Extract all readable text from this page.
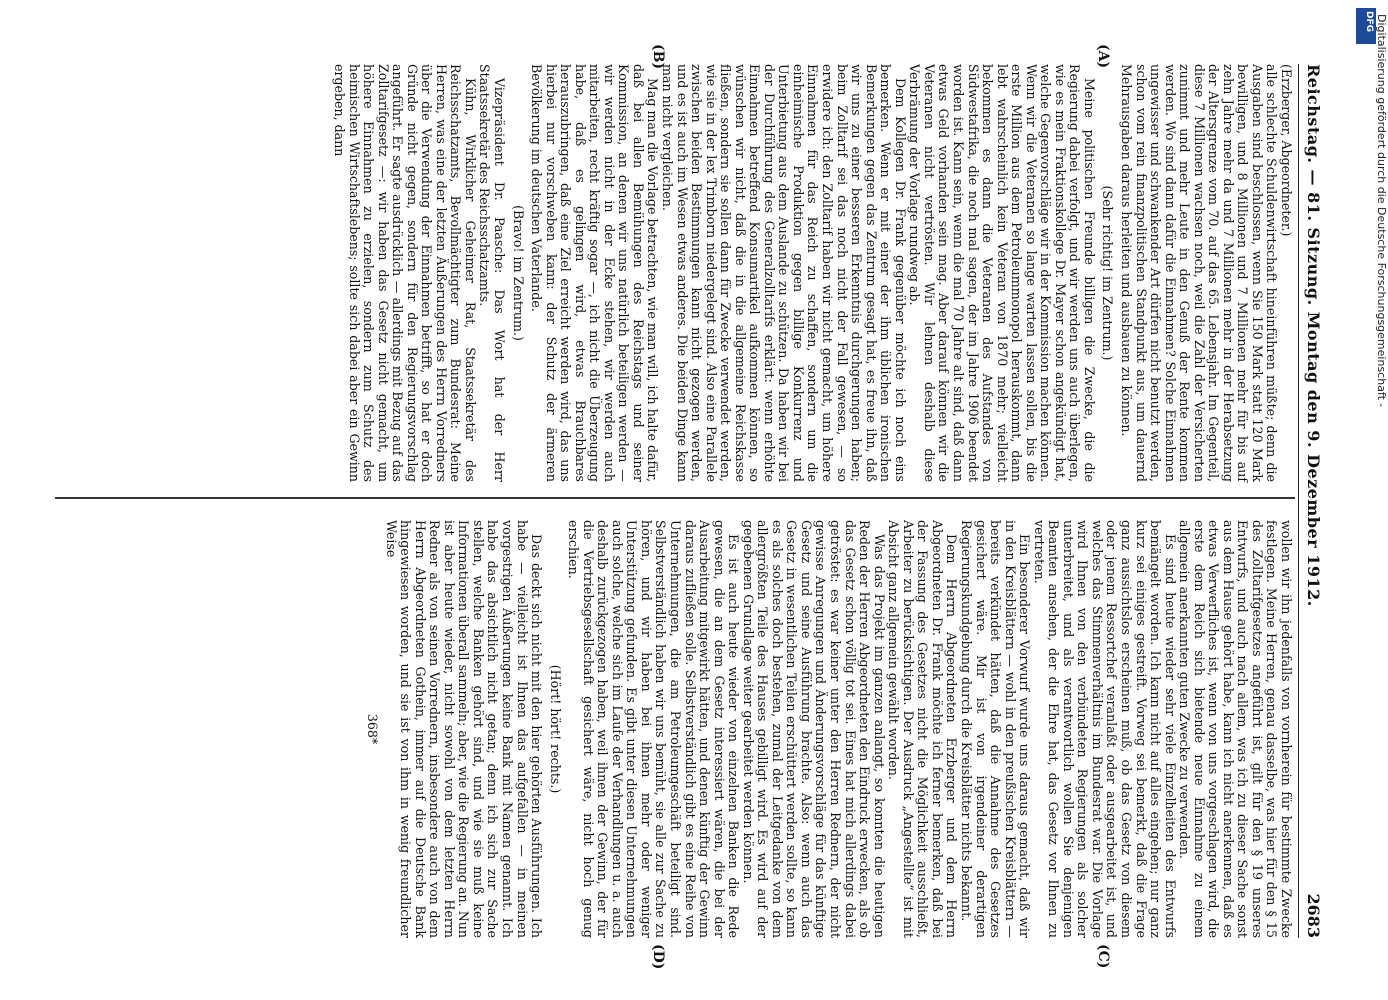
Reichstag. — 81. Sitzung. Montag den 9. Dezember 1912.
2683
(A)
(B)
(C)
(D)

(Erzberger, Abgeordneter.)

alle schlechte Schuldenwirtschaft hineinführen müßte; denn die Ausgaben sind beschlossen, wenn Sie 150 Mark statt 120 Mark bewilligen, und 8 Millionen und 7 Millionen mehr für bis auf zehn Jahre mehr da und 7 Millionen mehr in der Herabsetzung der Altersgrenze vom 70. auf das 65. Lebensjahr. Im Gegenteil, diese 7 Millionen wachsen noch, weil die Zahl der Versicherten zunimmt und mehr Leute in den Genuß der Rente kommen werden. Wo sind dann dafür die Einnahmen? Solche Einnahmen ungewisser und schwankender Art dürfen nicht benutzt werden, schon vom rein finanzpolitischen Standpunkt aus, um dauernd Mehrausgaben daraus herleiten und ausbauen zu können.

(Sehr richtig! im Zentrum.)

Meine politischen Freunde billigen die Zwecke, die die Regierung dabei verfolgt, und wir werden uns auch überlegen, wie es mein Fraktionskollege Dr. Mayer schon angekündigt hat, welche Gegenvorschläge wir in der Kommission machen können. Wenn wir die Veteranen so lange warten lassen sollen, bis die erste Million aus dem Petroleummonopol herauskommt, dann lebt wahrscheinlich kein Veteran von 1870 mehr; vielleicht bekommen es dann die Veteranen des Aufstandes von Südwestafrika, die noch mal sagen, der im Jahre 1906 beendet worden ist. Kann sein, wenn die mal 70 Jahre alt sind, daß dann etwas Geld vorhanden sein mag. Aber darauf können wir die Veteranen nicht vertrösten. Wir lehnen deshalb diese Verbrämung der Vorlage rundweg ab.

Dem Kollegen Dr. Frank gegenüber möchte ich noch eins bemerken. Wenn er mit einer der ihm üblichen ironischen Bemerkungen gegen das Zentrum gesagt hat, es freue ihn, daß wir uns zu einer besseren Erkenntnis durchgerungen haben; beim Zolltarif sei das noch nicht der Fall gewesen, — so erwidere ich: den Zolltarif haben wir nicht gemacht, um höhere Einnahmen für das Reich zu schaffen, sondern um die einheimische Produktion gegen billige Konkurrenz und Unterbietung aus dem Auslande zu schützen. Da haben wir bei der Durchführung des Generalzolltarifs erklärt: wenn erhöhte Einnahmen betreffend Konsumartikel aufkommen können, so wünschen wir nicht, daß die in die allgemeine Reichskasse fließen, sondern sie sollen dann für Zwecke verwendet werden, wie sie in der lex Trimborn niedergelegt sind. Also eine Parallele zwischen beiden Bestimmungen kann nicht gezogen werden, und es ist auch im Wesen etwas anderes. Die beiden Dinge kann man nicht vergleichen.

Mag man die Vorlage betrachten, wie man will, ich halte dafür, daß bei allen Bemühungen des Reichstags und seiner Kommission, an denen wir uns natürlich beteiligen werden — wir werden nicht in der Ecke stehen, wir werden auch mitarbeiten, recht kräftig sogar —, ich nicht die Überzeugung habe, daß es gelingen wird, etwas Brauchbares herauszubringen, daß eine Ziel erreicht werden wird, das uns hierbei nur vorschweben kann: der Schutz der ärmeren Bevölkerung im deutschen Vaterlande.

(Bravo! im Zentrum.)

Vizepräsident Dr. Paasche: Das Wort hat der Herr Staatssekretär des Reichsschatzamts.

Kühn, Wirklicher Geheimer Rat, Staatssekretär des Reichsschatzamts, Bevollmächtigter zum Bundesrat: Meine Herren, was eine der letzten Äußerungen des Herrn Vorredners über die Verwendung der Einnahmen betrifft, so hat er doch Gründe nicht gegen, sondern für den Regierungsvorschlag angeführt. Er sagte ausdrücklich — allerdings mit Bezug auf das Zolltarifgesetz —: wir haben das Gesetz nicht gemacht, um höhere Einnahmen zu erzielen, sondern zum Schutz des heimischen Wirtschaftslebens; sollte sich dabei aber ein Gewinn ergeben, dann

wollen wir ihn jedenfalls von vornherein für bestimmte Zwecke festlegen. Meine Herren, genau dasselbe, was hier für den § 15 des Zolltarifgesetzes angeführt ist, gilt für den § 19 unseres Entwurfs, und auch nach allem, was ich zu dieser Sache sonst aus dem Hause gehört habe, kann ich nicht anerkennen, daß es etwas Verwerfliches ist, wenn von uns vorgeschlagen wird, die erste dem Reich sich bietende neue Einnahme zu einem allgemein anerkannten guten Zwecke zu verwenden.

Es sind heute wieder sehr viele Einzelheiten des Entwurfs bemängelt worden. Ich kann nicht auf alles eingehen; nur ganz kurz sei einiges gestreift. Vorweg sei bemerkt, daß die Frage ganz aussichtslos erscheinen muß, ob das Gesetz von diesem oder jenem Ressortchef veranlaßt oder ausgearbeitet ist, und welches das Stimmenverhältnis im Bundesrat war. Die Vorlage wird Ihnen von den verbündeten Regierungen als solcher unterbreitet, und als verantwortlich wollen Sie denjenigen Beamten ansehen, der die Ehre hat, das Gesetz vor Ihnen zu vertreten.

Ein besonderer Vorwurf wurde uns daraus gemacht, daß wir in den Kreisblättern — wohl in den preußischen Kreisblättern — bereits verkündet hätten, daß die Annahme des Gesetzes gesichert wäre. Mir ist von irgendeiner derartigen Regierungskundgebung durch die Kreisblätter nichts bekannt.

Dem Herrn Abgeordneten Erzberger und dem Herrn Abgeordneten Dr. Frank möchte ich ferner bemerken, daß bei der Fassung des Gesetzes nicht die Möglichkeit ausschließt, Arbeiter zu berücksichtigen. Der Ausdruck „Angestellte“ ist mit Absicht ganz allgemein gewählt worden.

Was das Projekt im ganzen anlangt, so konnten die heutigen Reden der Herren Abgeordneten den Eindruck erwecken, als ob das Gesetz schon völlig tot sei. Eines hat mich allerdings dabei getröstet: es war keiner unter den Herren Rednern, der nicht gewisse Anregungen und Änderungsvorschläge für das künftige Gesetz und seine Ausführung brachte. Also: wenn auch das Gesetz in wesentlichen Teilen erschüttert werden sollte, so kann es als solches doch bestehen, zumal der Leitgedanke von dem allergrößten Teile des Hauses gebilligt wird. Es wird auf der gegebenen Grundlage weiter gearbeitet werden können.

Es ist auch heute wieder von einzelnen Banken die Rede gewesen, die an dem Gesetz interessiert wären, die bei der Ausarbeitung mitgewirkt hätten, und denen künftig der Gewinn daraus zufließen solle. Selbstverständlich gibt es eine Reihe von Unternehmungen, die am Petroleumgeschäft beteiligt sind. Selbstverständlich haben wir uns bemüht, sie alle zur Sache zu hören, und wir haben bei ihnen mehr oder weniger Unterstützung gefunden. Es gibt unter diesen Unternehmungen auch solche, welche sich im Laufe der Verhandlungen u. a. auch deshalb zurückgezogen haben, weil ihnen der Gewinn, der für die Vertriebsgesellschaft gesichert wäre, nicht hoch genug erschien.

(Hört! hört! rechts.)

Das deckt sich nicht mit den hier gehörten Ausführungen. Ich habe — vielleicht ist Ihnen das aufgefallen — in meinen vorgestrigen Äußerungen keine Bank mit Namen genannt. Ich habe das absichtlich nicht getan; denn ich sich zur Sache stellen, welche Banken gehört sind, und wie sie muß keine Informationen überall sammeln; aber, wie die Regierung an. Nun ist aber heute wieder, nicht sowohl von dem letzten Herrn Redner als von seinen Vorrednern, insbesondere auch von dem Herrn Abgeordneten Gothein, immer auf die Deutsche Bank hingewiesen worden, und sie ist von ihm in wenig freundlicher Weise

368*

DFG Digitalisierung gefördert durch die Deutsche Forschungsgemeinschaft -
